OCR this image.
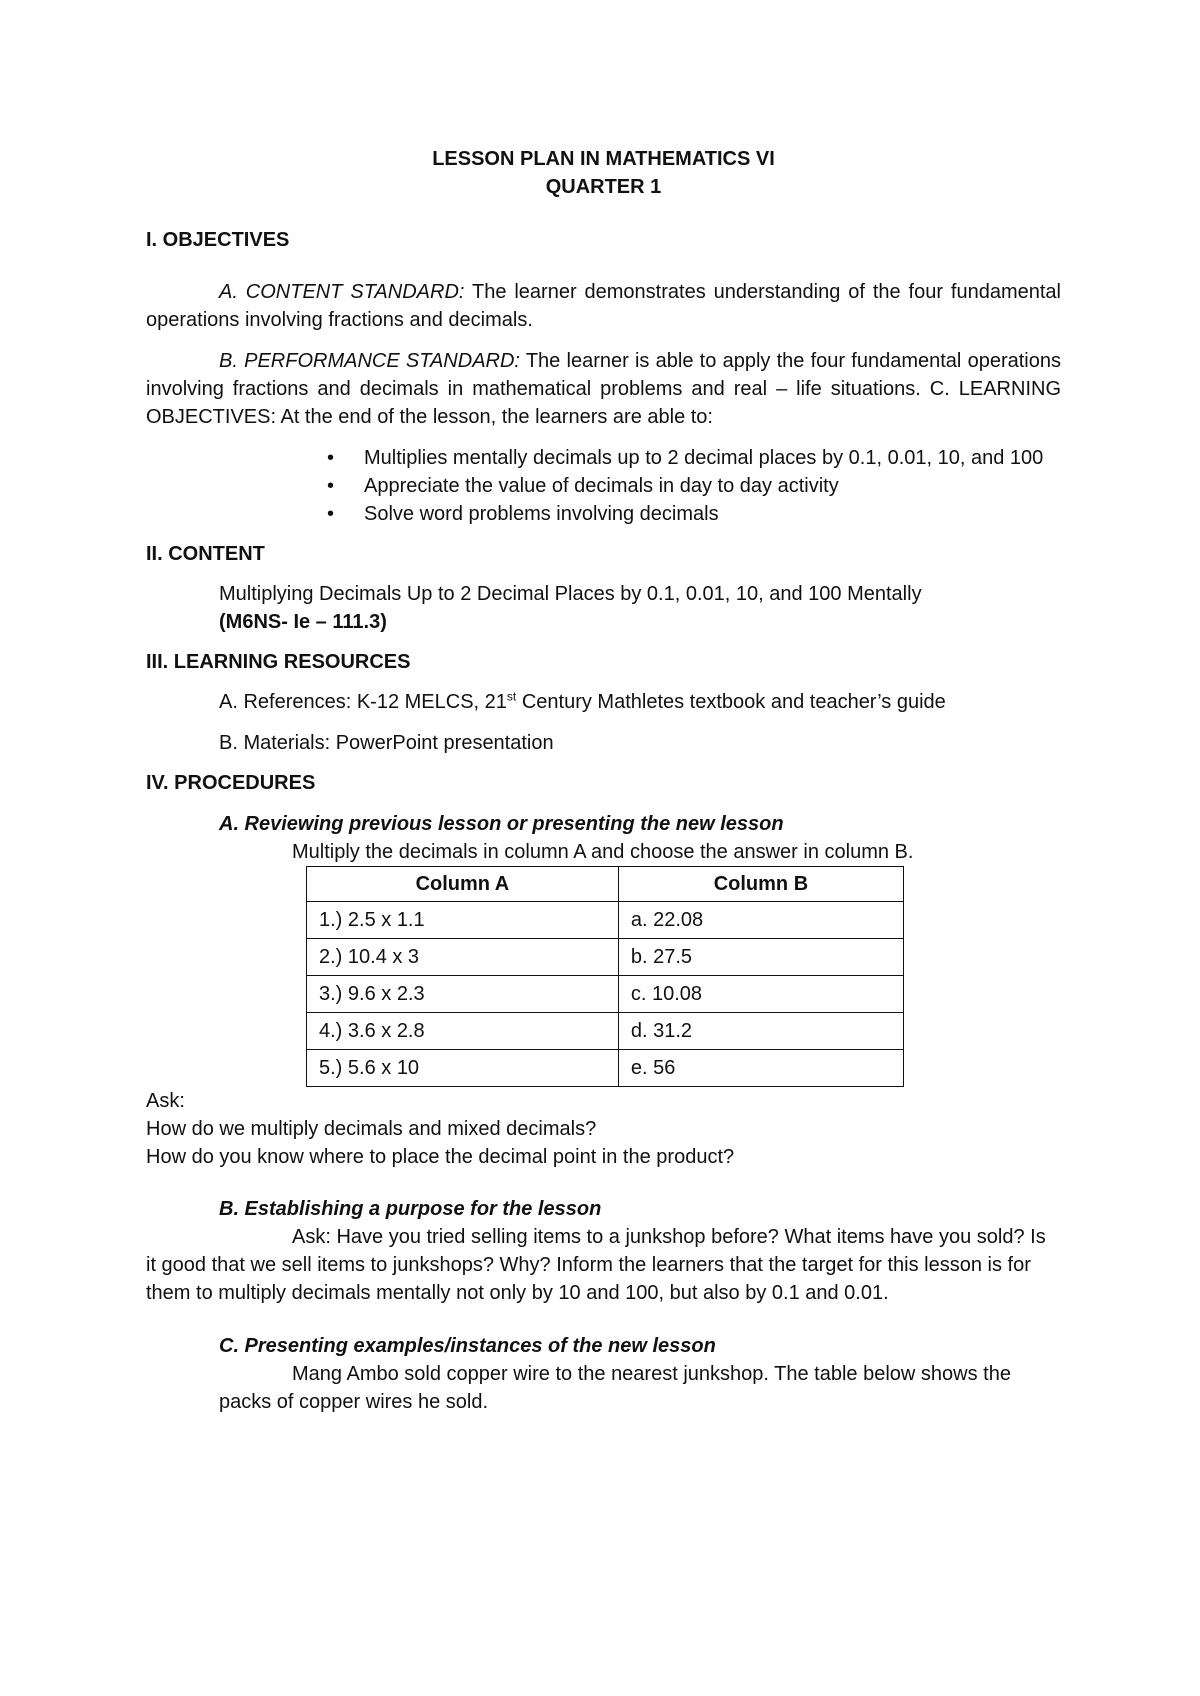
LESSON PLAN IN MATHEMATICS VI

QUARTER 1

I. OBJECTIVES

A. CONTENT STANDARD: The learner demonstrates understanding of the four fundamental operations involving fractions and decimals.

B. PERFORMANCE STANDARD: The learner is able to apply the four fundamental operations involving fractions and decimals in mathematical problems and real – life situations. C. LEARNING OBJECTIVES: At the end of the lesson, the learners are able to:

• Multiplies mentally decimals up to 2 decimal places by 0.1, 0.01, 10, and 100
• Appreciate the value of decimals in day to day activity
• Solve word problems involving decimals

II. CONTENT

Multiplying Decimals Up to 2 Decimal Places by 0.1, 0.01, 10, and 100 Mentally

(M6NS- Ie – 111.3)

III. LEARNING RESOURCES

A. References: K-12 MELCS, 21st Century Mathletes textbook and teacher’s guide

B. Materials: PowerPoint presentation

IV. PROCEDURES

A. Reviewing previous lesson or presenting the new lesson

Multiply the decimals in column A and choose the answer in column B.

Column A	Column B
1.) 2.5 x 1.1	a. 22.08
2.) 10.4 x 3	b. 27.5
3.) 9.6 x 2.3	c. 10.08
4.) 3.6 x 2.8	d. 31.2
5.) 5.6 x 10	e. 56

Ask:

How do we multiply decimals and mixed decimals?

How do you know where to place the decimal point in the product?

B. Establishing a purpose for the lesson

Ask: Have you tried selling items to a junkshop before? What items have you sold? Is it good that we sell items to junkshops? Why? Inform the learners that the target for this lesson is for them to multiply decimals mentally not only by 10 and 100, but also by 0.1 and 0.01.

C. Presenting examples/instances of the new lesson

Mang Ambo sold copper wire to the nearest junkshop. The table below shows the packs of copper wires he sold.
